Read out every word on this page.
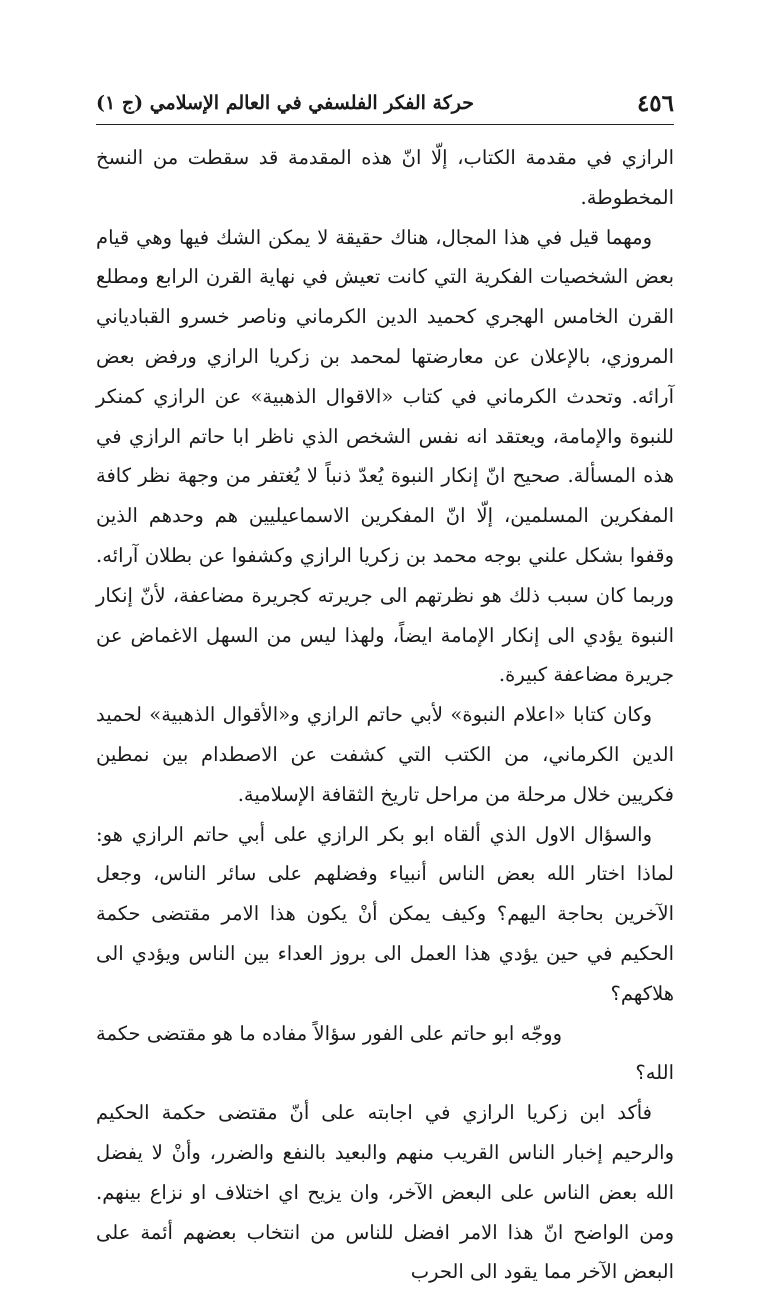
٤٥٦
حركة الفكر الفلسفي في العالم الإسلامي (ج ١)

الرازي في مقدمة الكتاب، إلّا انّ هذه المقدمة قد سقطت من النسخ المخطوطة.

ومهما قيل في هذا المجال، هناك حقيقة لا يمكن الشك فيها وهي قيام بعض الشخصيات الفكرية التي كانت تعيش في نهاية القرن الرابع ومطلع القرن الخامس الهجري كحميد الدين الكرماني وناصر خسرو القبادياني المروزي، بالإعلان عن معارضتها لمحمد بن زكريا الرازي ورفض بعض آرائه. وتحدث الكرماني في كتاب «الاقوال الذهبية» عن الرازي كمنكر للنبوة والإمامة، ويعتقد انه نفس الشخص الذي ناظر ابا حاتم الرازي في هذه المسألة. صحيح انّ إنكار النبوة يُعدّ ذنباً لا يُغتفر من وجهة نظر كافة المفكرين المسلمين، إلّا انّ المفكرين الاسماعيليين هم وحدهم الذين وقفوا بشكل علني بوجه محمد بن زكريا الرازي وكشفوا عن بطلان آرائه. وربما كان سبب ذلك هو نظرتهم الى جريرته كجريرة مضاعفة، لأنّ إنكار النبوة يؤدي الى إنكار الإمامة ايضاً، ولهذا ليس من السهل الاغماض عن جريرة مضاعفة كبيرة.

وكان كتابا «اعلام النبوة» لأبي حاتم الرازي و«الأقوال الذهبية» لحميد الدين الكرماني، من الكتب التي كشفت عن الاصطدام بين نمطين فكريين خلال مرحلة من مراحل تاريخ الثقافة الإسلامية.

والسؤال الاول الذي ألقاه ابو بكر الرازي على أبي حاتم الرازي هو: لماذا اختار الله بعض الناس أنبياء وفضلهم على سائر الناس، وجعل الآخرين بحاجة اليهم؟ وكيف يمكن أنْ يكون هذا الامر مقتضى حكمة الحكيم في حين يؤدي هذا العمل الى بروز العداء بين الناس ويؤدي الى هلاكهم؟

ووجّه ابو حاتم على الفور سؤالاً مفاده ما هو مقتضى حكمة الله؟

فأكد ابن زكريا الرازي في اجابته على أنّ مقتضى حكمة الحكيم والرحيم إخبار الناس القريب منهم والبعيد بالنفع والضرر، وأنْ لا يفضل الله بعض الناس على البعض الآخر، وان يزيح اي اختلاف او نزاع بينهم. ومن الواضح انّ هذا الامر افضل للناس من انتخاب بعضهم أئمة على البعض الآخر مما يقود الى الحرب
